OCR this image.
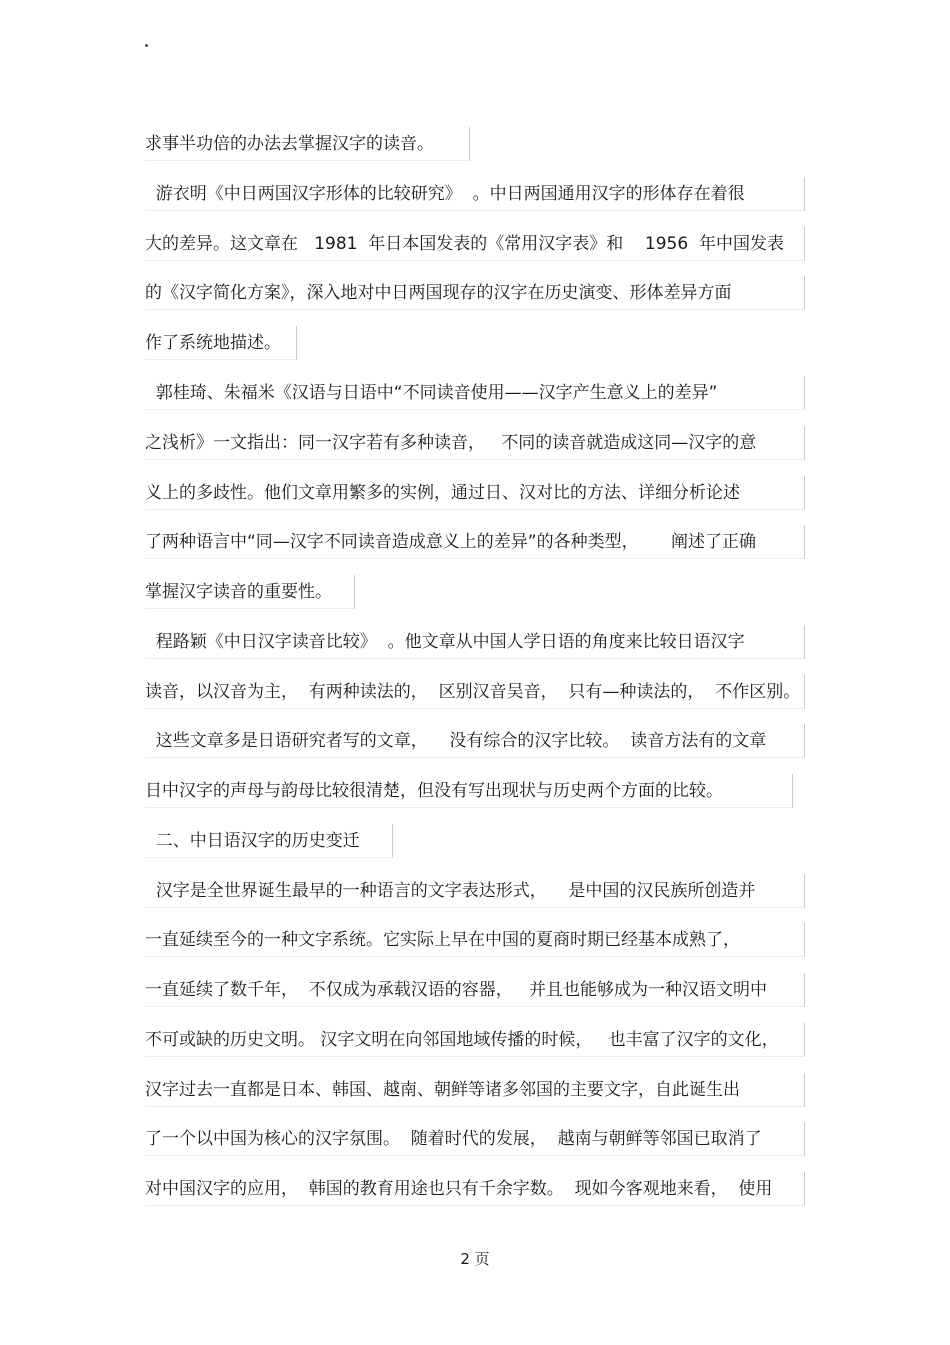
求事半功倍的办法去掌握汉字的读音。
游衣明《中日两国汉字形体的比较研究》  。中日两国通用汉字的形体存在着很
大的差异。这文章在   1981  年日本国发表的《常用汉字表》和    1956  年中国发表
的《汉字简化方案》，深入地对中日两国现存的汉字在历史演变、形体差异方面
作了系统地描述。
郭桂琦、朱福米《汉语与日语中“不同读音使用——汉字产生意义上的差异”
之浅析》一文指出：同一汉字若有多种读音，   不同的读音就造成这同—汉字的意
义上的多歧性。他们文章用繁多的实例，通过日、汉对比的方法、详细分析论述
了两种语言中“同—汉字不同读音造成意义上的差异”的各种类型，      阐述了正确
掌握汉字读音的重要性。
程路颖《中日汉字读音比较》  。他文章从中国人学日语的角度来比较日语汉字
读音，以汉音为主，  有两种读法的，  区别汉音吴音，  只有—种读法的，  不作区别。
这些文章多是日语研究者写的文章，    没有综合的汉字比较。  读音方法有的文章
日中汉字的声母与韵母比较很清楚，但没有写出现状与历史两个方面的比较。
二、中日语汉字的历史变迁
汉字是全世界诞生最早的一种语言的文字表达形式，    是中国的汉民族所创造并
一直延续至今的一种文字系统。它实际上早在中国的夏商时期已经基本成熟了，
一直延续了数千年，  不仅成为承载汉语的容器，   并且也能够成为一种汉语文明中
不可或缺的历史文明。 汉字文明在向邻国地域传播的时候，   也丰富了汉字的文化，
汉字过去一直都是日本、韩国、越南、朝鲜等诸多邻国的主要文字，自此诞生出
了一个以中国为核心的汉字氛围。  随着时代的发展，  越南与朝鲜等邻国已取消了
对中国汉字的应用，  韩国的教育用途也只有千余字数。  现如今客观地来看，  使用
2 页
